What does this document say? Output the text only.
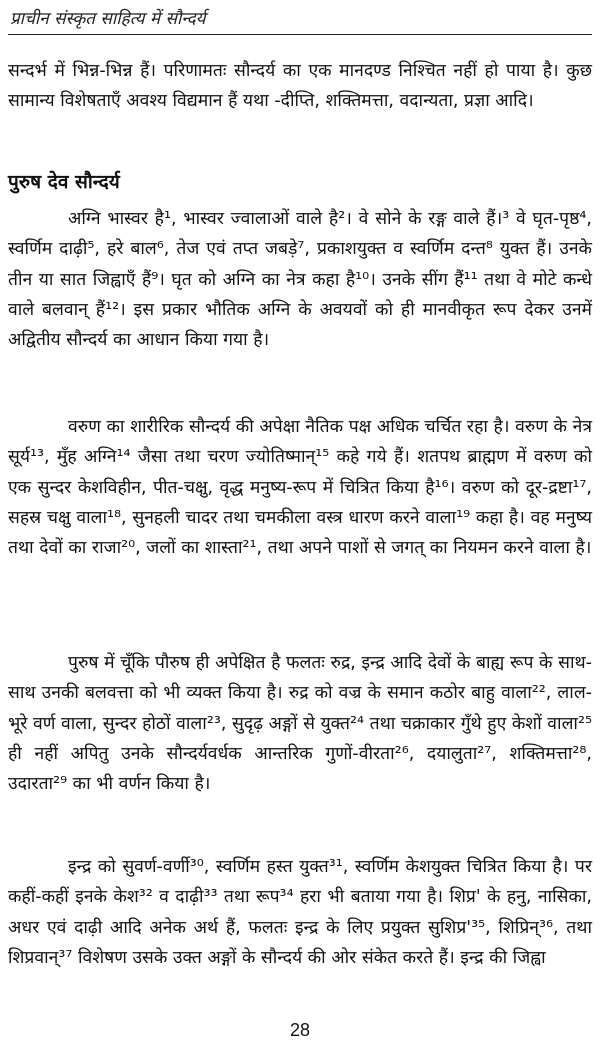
प्राचीन संस्कृत साहित्य में सौन्दर्य

सन्दर्भ में भिन्न-भिन्न हैं। परिणामतः सौन्दर्य का एक मानदण्ड निश्चित नहीं हो पाया है। कुछ सामान्य विशेषताएँ अवश्य विद्यमान हैं यथा -दीप्ति, शक्तिमत्ता, वदान्यता, प्रज्ञा आदि।

पुरुष देव सौन्दर्य

अग्नि भास्वर है¹, भास्वर ज्वालाओं वाले है²। वे सोने के रङ्ग वाले हैं।³ वे घृत-पृष्ठ⁴, स्वर्णिम दाढ़ी⁵, हरे बाल⁶, तेज एवं तप्त जबड़े⁷, प्रकाशयुक्त व स्वर्णिम दन्त⁸ युक्त हैं। उनके तीन या सात जिह्वाएँ हैं⁹। घृत को अग्नि का नेत्र कहा है¹⁰। उनके सींग हैं¹¹ तथा वे मोटे कन्धे वाले बलवान् हैं¹²। इस प्रकार भौतिक अग्नि के अवयवों को ही मानवीकृत रूप देकर उनमें अद्वितीय सौन्दर्य का आधान किया गया है।

वरुण का शारीरिक सौन्दर्य की अपेक्षा नैतिक पक्ष अधिक चर्चित रहा है। वरुण के नेत्र सूर्य¹³, मुँह अग्नि¹⁴ जैसा तथा चरण ज्योतिष्मान्¹⁵ कहे गये हैं। शतपथ ब्राह्मण में वरुण को एक सुन्दर केशविहीन, पीत-चक्षु, वृद्ध मनुष्य-रूप में चित्रित किया है¹⁶। वरुण को दूर-द्रष्टा¹⁷, सहस्र चक्षु वाला¹⁸, सुनहली चादर तथा चमकीला वस्त्र धारण करने वाला¹⁹ कहा है। वह मनुष्य तथा देवों का राजा²⁰, जलों का शास्ता²¹, तथा अपने पाशों से जगत् का नियमन करने वाला है।

पुरुष में चूँकि पौरुष ही अपेक्षित है फलतः रुद्र, इन्द्र आदि देवों के बाह्य रूप के साथ-साथ उनकी बलवत्ता को भी व्यक्त किया है। रुद्र को वज्र के समान कठोर बाहु वाला²², लाल-भूरे वर्ण वाला, सुन्दर होठों वाला²³, सुदृढ़ अङ्गों से युक्त²⁴ तथा चक्राकार गुँथे हुए केशों वाला²⁵ ही नहीं अपितु उनके सौन्दर्यवर्धक आन्तरिक गुणों-वीरता²⁶, दयालुता²⁷, शक्तिमत्ता²⁸, उदारता²⁹ का भी वर्णन किया है।

इन्द्र को सुवर्ण-वर्णी³⁰, स्वर्णिम हस्त युक्त³¹, स्वर्णिम केशयुक्त चित्रित किया है। पर कहीं-कहीं इनके केश³² व दाढ़ी³³ तथा रूप³⁴ हरा भी बताया गया है। शिप्र' के हनु, नासिका, अधर एवं दाढ़ी आदि अनेक अर्थ हैं, फलतः इन्द्र के लिए प्रयुक्त सुशिप्र'³⁵, शिप्रिन्³⁶, तथा शिप्रवान्³⁷ विशेषण उसके उक्त अङ्गों के सौन्दर्य की ओर संकेत करते हैं। इन्द्र की जिह्वा

28
